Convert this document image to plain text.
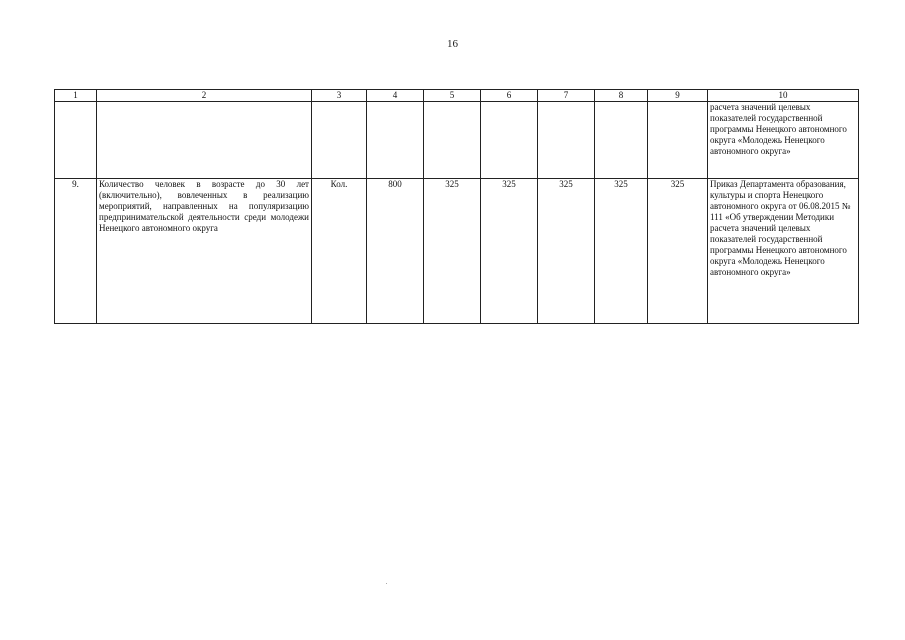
16
1	2	3	4	5	6	7	8	9	10
									расчета значений целевых показателей государственной программы Ненецкого автономного округа «Молодежь Ненецкого автономного округа»
9.	Количество человек в возрасте до 30 лет (включительно), вовлеченных в реализацию мероприятий, направленных на популяризацию предпринимательской деятельности среди молодежи Ненецкого автономного округа	Кол.	800	325	325	325	325	325	Приказ Департамента образования, культуры и спорта Ненецкого автономного округа от 06.08.2015 № 111 «Об утверждении Методики расчета значений целевых показателей государственной программы Ненецкого автономного округа «Молодежь Ненецкого автономного округа»
